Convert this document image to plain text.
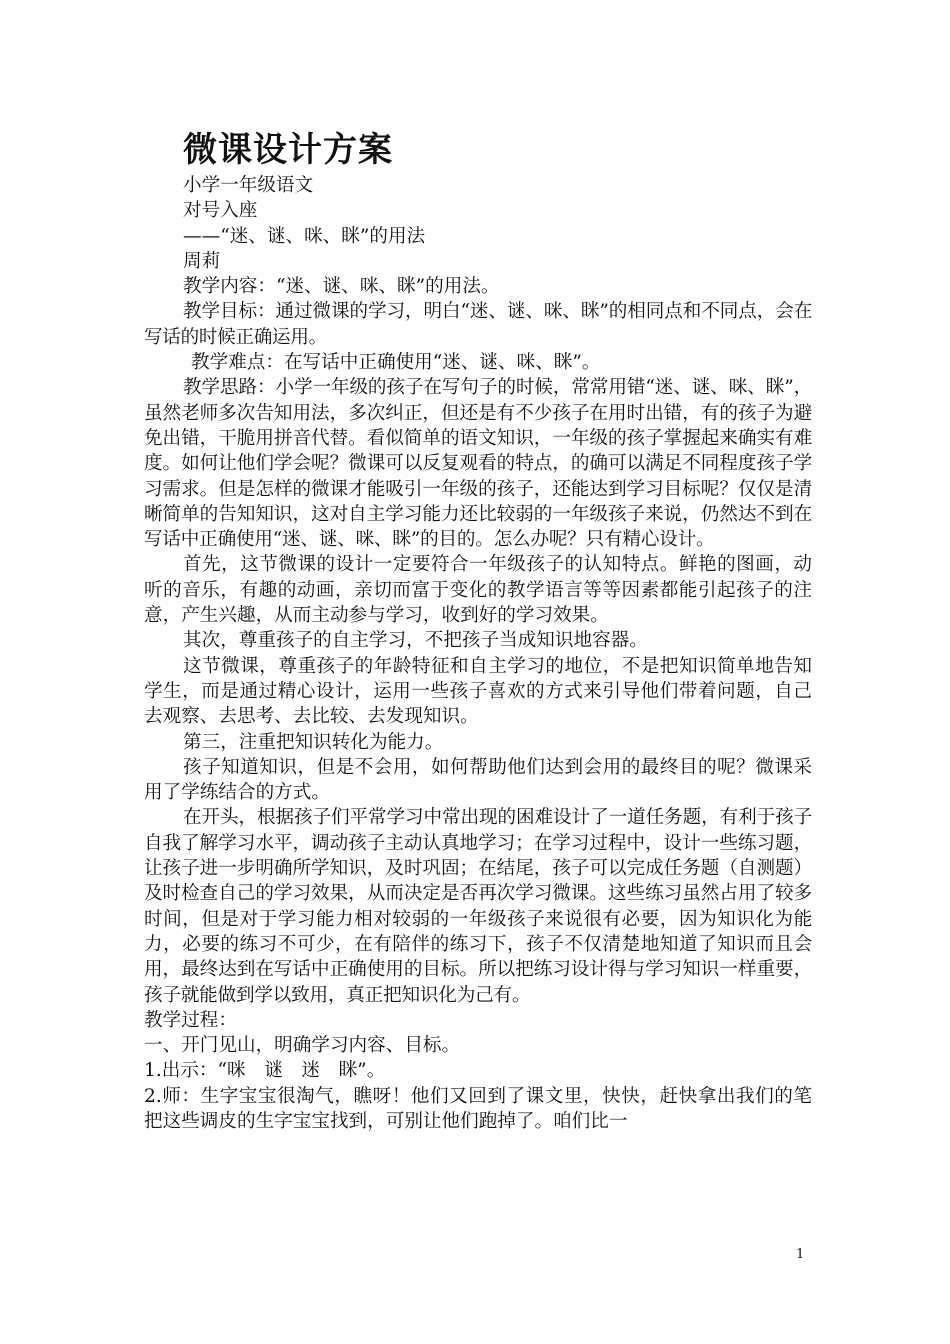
微课设计方案

小学一年级语文

对号入座

——“迷、谜、咪、眯”的用法

周莉

教学内容：“迷、谜、咪、眯”的用法。

教学目标：通过微课的学习，明白“迷、谜、咪、眯”的相同点和不同点，会在写话的时候正确运用。

教学难点：在写话中正确使用“迷、谜、咪、眯”。

教学思路：小学一年级的孩子在写句子的时候，常常用错“迷、谜、咪、眯”，虽然老师多次告知用法，多次纠正，但还是有不少孩子在用时出错，有的孩子为避免出错，干脆用拼音代替。看似简单的语文知识，一年级的孩子掌握起来确实有难度。如何让他们学会呢？微课可以反复观看的特点，的确可以满足不同程度孩子学习需求。但是怎样的微课才能吸引一年级的孩子，还能达到学习目标呢？仅仅是清晰简单的告知知识，这对自主学习能力还比较弱的一年级孩子来说，仍然达不到在写话中正确使用“迷、谜、咪、眯”的目的。怎么办呢？只有精心设计。

首先，这节微课的设计一定要符合一年级孩子的认知特点。鲜艳的图画，动听的音乐，有趣的动画，亲切而富于变化的教学语言等等因素都能引起孩子的注意，产生兴趣，从而主动参与学习，收到好的学习效果。

其次，尊重孩子的自主学习，不把孩子当成知识地容器。

这节微课，尊重孩子的年龄特征和自主学习的地位，不是把知识简单地告知学生，而是通过精心设计，运用一些孩子喜欢的方式来引导他们带着问题，自己去观察、去思考、去比较、去发现知识。

第三，注重把知识转化为能力。

孩子知道知识，但是不会用，如何帮助他们达到会用的最终目的呢？微课采用了学练结合的方式。

在开头，根据孩子们平常学习中常出现的困难设计了一道任务题，有利于孩子自我了解学习水平，调动孩子主动认真地学习；在学习过程中，设计一些练习题，让孩子进一步明确所学知识，及时巩固；在结尾，孩子可以完成任务题（自测题）及时检查自己的学习效果，从而决定是否再次学习微课。这些练习虽然占用了较多时间，但是对于学习能力相对较弱的一年级孩子来说很有必要，因为知识化为能力，必要的练习不可少，在有陪伴的练习下，孩子不仅清楚地知道了知识而且会用，最终达到在写话中正确使用的目标。所以把练习设计得与学习知识一样重要，孩子就能做到学以致用，真正把知识化为己有。

教学过程：

一、开门见山，明确学习内容、目标。

1.出示：“咪　谜　迷　眯”。

2.师：生字宝宝很淘气，瞧呀！他们又回到了课文里，快快，赶快拿出我们的笔把这些调皮的生字宝宝找到，可别让他们跑掉了。咱们比一

1
